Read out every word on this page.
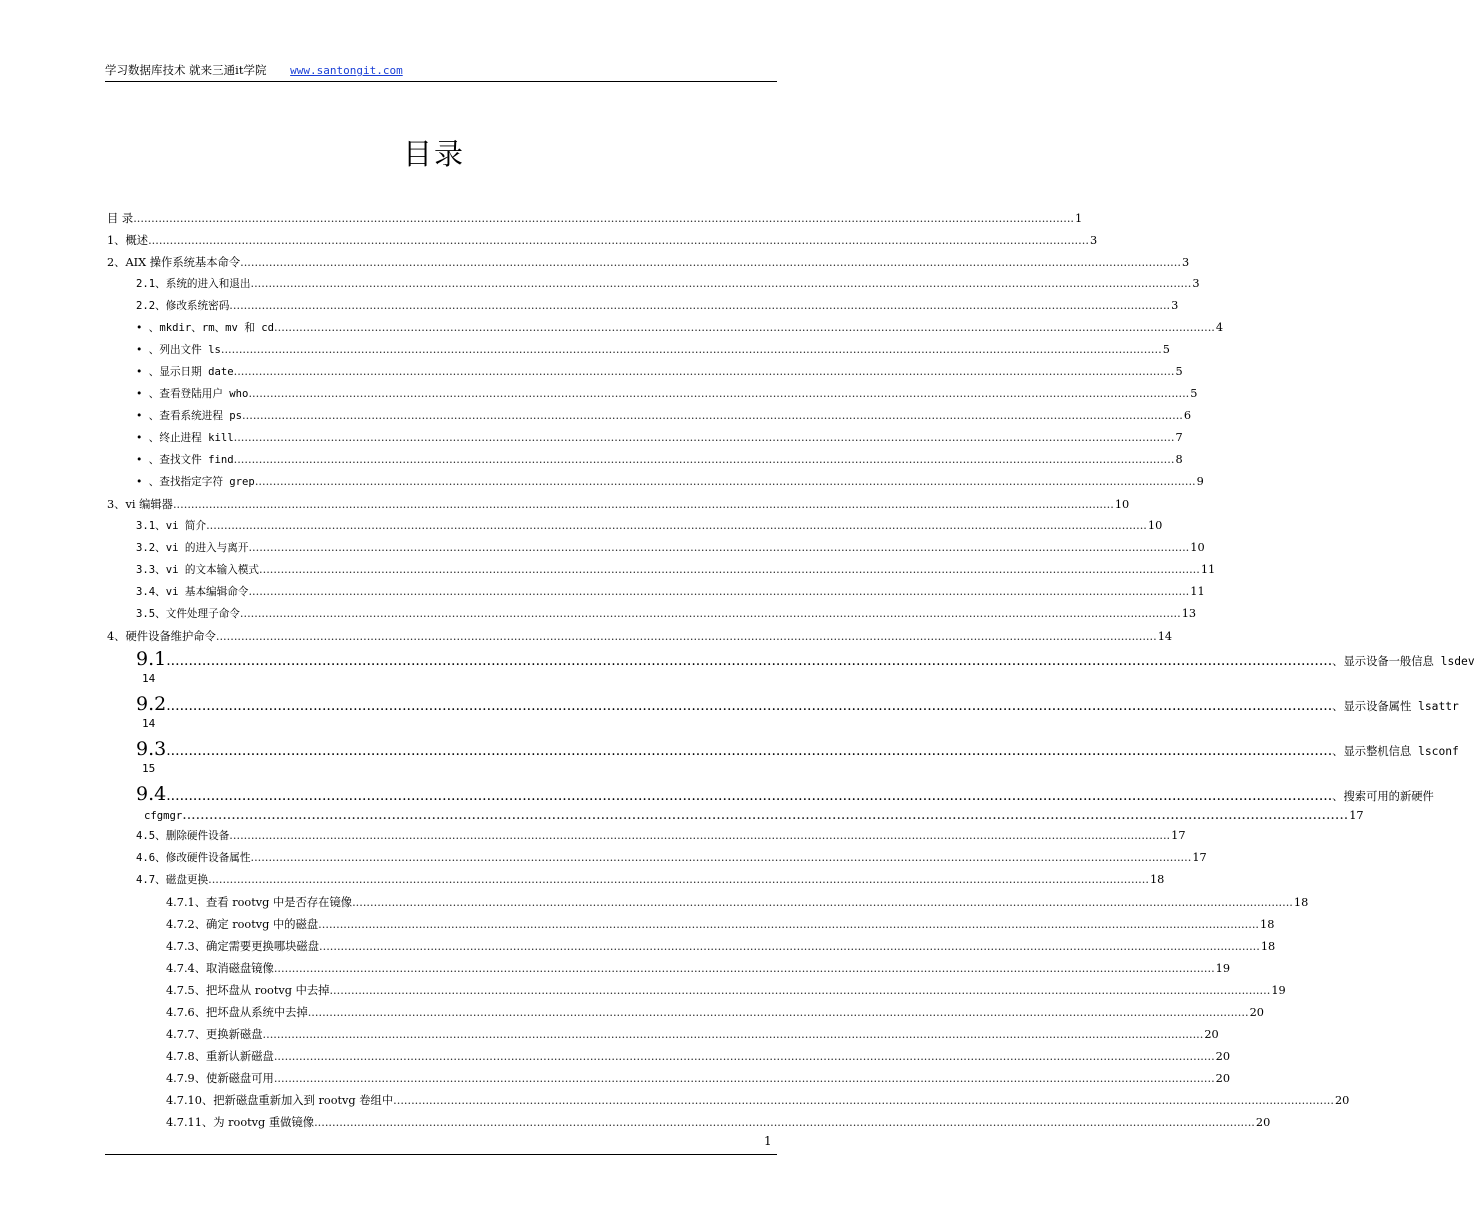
学习数据库技术 就来三通it学院 www.santongit.com
目录
目 录 ...................................................................................................................................................................................................................................................................... 1
1、概述 ...................................................................................................................................................................................................................................................................... 3
2、AIX 操作系统基本命令 ...................................................................................................................................................................................................................................................................... 3
2.1、系统的进入和退出 ...................................................................................................................................................................................................................................................................... 3
2.2、修改系统密码 ...................................................................................................................................................................................................................................................................... 3
• 、mkdir、rm、mv 和 cd ...................................................................................................................................................................................................................................................................... 4
• 、列出文件 ls ...................................................................................................................................................................................................................................................................... 5
• 、显示日期 date ...................................................................................................................................................................................................................................................................... 5
• 、查看登陆用户 who ...................................................................................................................................................................................................................................................................... 5
• 、查看系统进程 ps ...................................................................................................................................................................................................................................................................... 6
• 、终止进程 kill ...................................................................................................................................................................................................................................................................... 7
• 、查找文件 find ...................................................................................................................................................................................................................................................................... 8
• 、查找指定字符 grep ...................................................................................................................................................................................................................................................................... 9
3、vi 编辑器 ...................................................................................................................................................................................................................................................................... 10
3.1、vi 简介 ...................................................................................................................................................................................................................................................................... 10
3.2、vi 的进入与离开 ...................................................................................................................................................................................................................................................................... 10
3.3、vi 的文本输入模式 ...................................................................................................................................................................................................................................................................... 11
3.4、vi 基本编辑命令 ...................................................................................................................................................................................................................................................................... 11
3.5、文件处理子命令 ...................................................................................................................................................................................................................................................................... 13
4、硬件设备维护命令 ...................................................................................................................................................................................................................................................................... 14
9.1 ...................................................................................................................................................................................................................................................................... 、显示设备一般信息 lsdev
14
9.2 ...................................................................................................................................................................................................................................................................... 、显示设备属性 lsattr
14
9.3 ...................................................................................................................................................................................................................................................................... 、显示整机信息 lsconf
15
9.4 ...................................................................................................................................................................................................................................................................... 、搜索可用的新硬件
cfgmgr ...................................................................................................................................................................................................................................................................... 17
4.5、删除硬件设备 ...................................................................................................................................................................................................................................................................... 17
4.6、修改硬件设备属性 ...................................................................................................................................................................................................................................................................... 17
4.7、磁盘更换 ...................................................................................................................................................................................................................................................................... 18
4.7.1、查看 rootvg 中是否存在镜像 ...................................................................................................................................................................................................................................................................... 18
4.7.2、确定 rootvg 中的磁盘 ...................................................................................................................................................................................................................................................................... 18
4.7.3、确定需要更换哪块磁盘 ...................................................................................................................................................................................................................................................................... 18
4.7.4、取消磁盘镜像 ...................................................................................................................................................................................................................................................................... 19
4.7.5、把坏盘从 rootvg 中去掉 ...................................................................................................................................................................................................................................................................... 19
4.7.6、把坏盘从系统中去掉 ...................................................................................................................................................................................................................................................................... 20
4.7.7、更换新磁盘 ...................................................................................................................................................................................................................................................................... 20
4.7.8、重新认新磁盘 ...................................................................................................................................................................................................................................................................... 20
4.7.9、使新磁盘可用 ...................................................................................................................................................................................................................................................................... 20
4.7.10、把新磁盘重新加入到 rootvg 卷组中 ...................................................................................................................................................................................................................................................................... 20
4.7.11、为 rootvg 重做镜像 ...................................................................................................................................................................................................................................................................... 20
1
